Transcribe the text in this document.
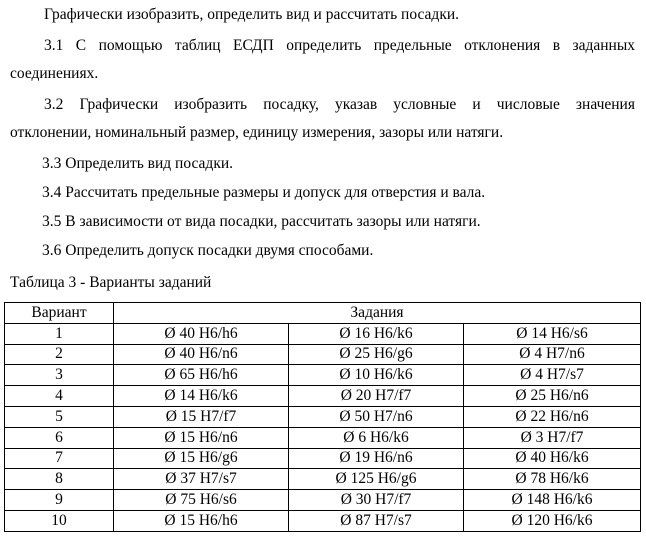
Графически изобразить, определить вид и рассчитать посадки.
3.1 С помощью таблиц ЕСДП определить предельные отклонения в заданных
соединениях.
3.2 Графически изобразить посадку, указав условные и числовые значения
отклонении, номинальный размер, единицу измерения, зазоры или натяги.
3.3 Определить вид посадки.
3.4 Рассчитать предельные размеры и допуск для отверстия и вала.
3.5 В зависимости от вида посадки, рассчитать зазоры или натяги.
3.6 Определить допуск посадки двумя способами.
Таблица 3 - Варианты заданий
Вариант	Задания		
1	Ø 40 H6/h6	Ø 16 H6/k6	Ø 14 H6/s6
2	Ø 40 H6/n6	Ø 25 H6/g6	Ø 4 H7/n6
3	Ø 65 H6/h6	Ø 10 H6/k6	Ø 4 H7/s7
4	Ø 14 H6/k6	Ø 20 H7/f7	Ø 25 H6/n6
5	Ø 15 H7/f7	Ø 50 H7/n6	Ø 22 H6/n6
6	Ø 15 H6/n6	Ø 6 H6/k6	Ø 3 H7/f7
7	Ø 15 H6/g6	Ø 19 H6/n6	Ø 40 H6/k6
8	Ø 37 H7/s7	Ø 125 H6/g6	Ø 78 H6/k6
9	Ø 75 H6/s6	Ø 30 H7/f7	Ø 148 H6/k6
10	Ø 15 H6/h6	Ø 87 H7/s7	Ø 120 H6/k6
